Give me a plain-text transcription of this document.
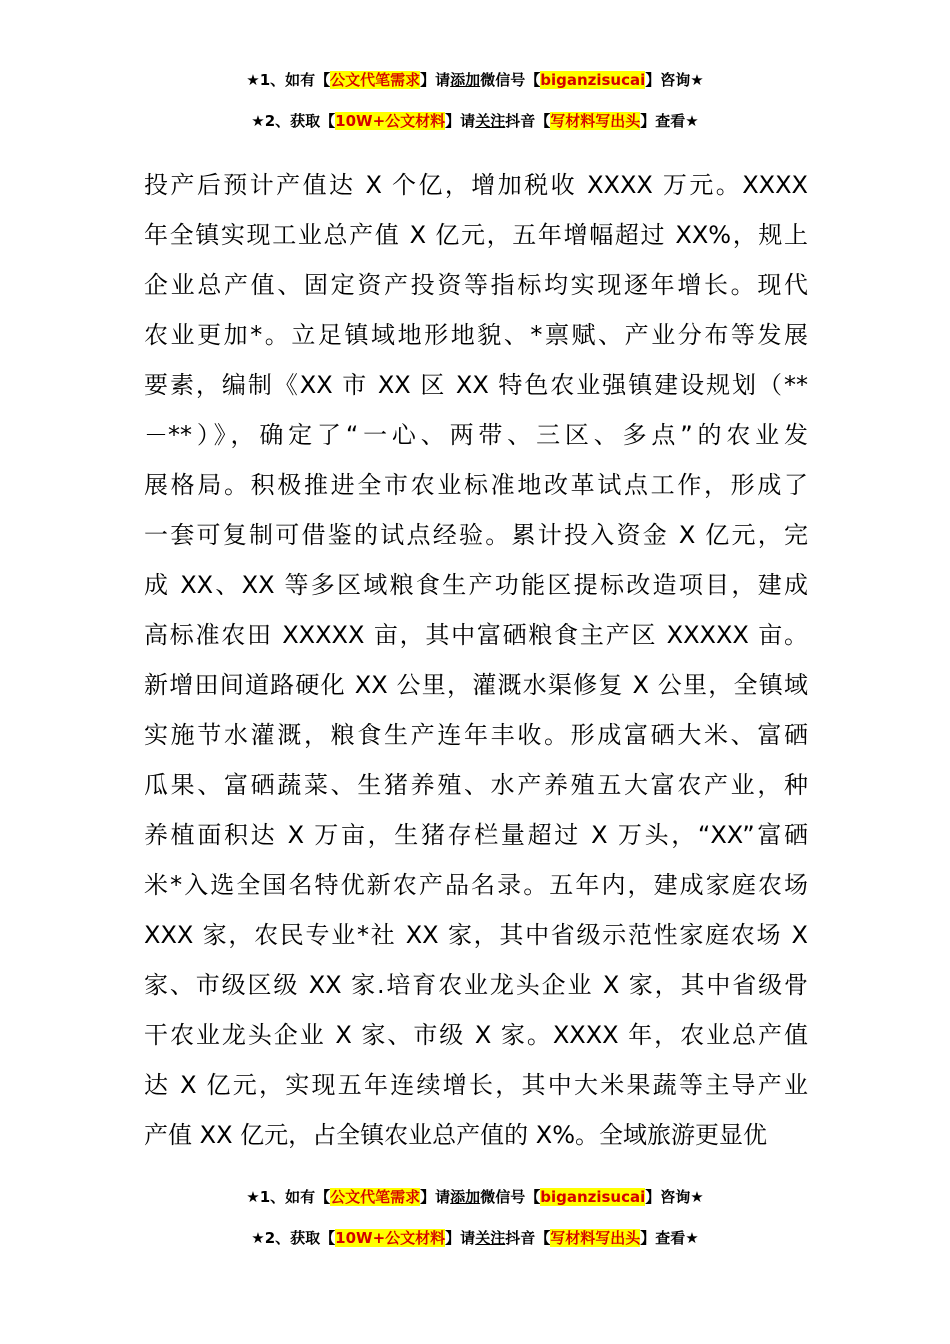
★1、如有【公文代笔需求】请添加微信号【biganzisucai】咨询★
★2、获取【10W+公文材料】请关注抖音【写材料写出头】查看★
投产后预计产值达 X 个亿，增加税收 XXXX 万元。XXXX
年全镇实现工业总产值 X 亿元，五年增幅超过 XX%，规上
企业总产值、固定资产投资等指标均实现逐年增长。现代
农业更加*。立足镇域地形地貌、*禀赋、产业分布等发展
要素，编制《XX 市 XX 区 XX 特色农业强镇建设规划（**
－**）》，确定了“一心、两带、三区、多点”的农业发
展格局。积极推进全市农业标准地改革试点工作，形成了
一套可复制可借鉴的试点经验。累计投入资金 X 亿元，完
成 XX、XX 等多区域粮食生产功能区提标改造项目，建成
高标准农田 XXXXX 亩，其中富硒粮食主产区 XXXXX 亩。
新增田间道路硬化 XX 公里，灌溉水渠修复 X 公里，全镇域
实施节水灌溉，粮食生产连年丰收。形成富硒大米、富硒
瓜果、富硒蔬菜、生猪养殖、水产养殖五大富农产业，种
养植面积达 X 万亩，生猪存栏量超过 X 万头，“XX”富硒
米*入选全国名特优新农产品名录。五年内，建成家庭农场
XXX 家，农民专业*社 XX 家，其中省级示范性家庭农场 X
家、市级区级 XX 家.培育农业龙头企业 X 家，其中省级骨
干农业龙头企业 X 家、市级 X 家。XXXX 年，农业总产值
达 X 亿元，实现五年连续增长，其中大米果蔬等主导产业
产值 XX 亿元，占全镇农业总产值的 X%。全域旅游更显优
★1、如有【公文代笔需求】请添加微信号【biganzisucai】咨询★
★2、获取【10W+公文材料】请关注抖音【写材料写出头】查看★
